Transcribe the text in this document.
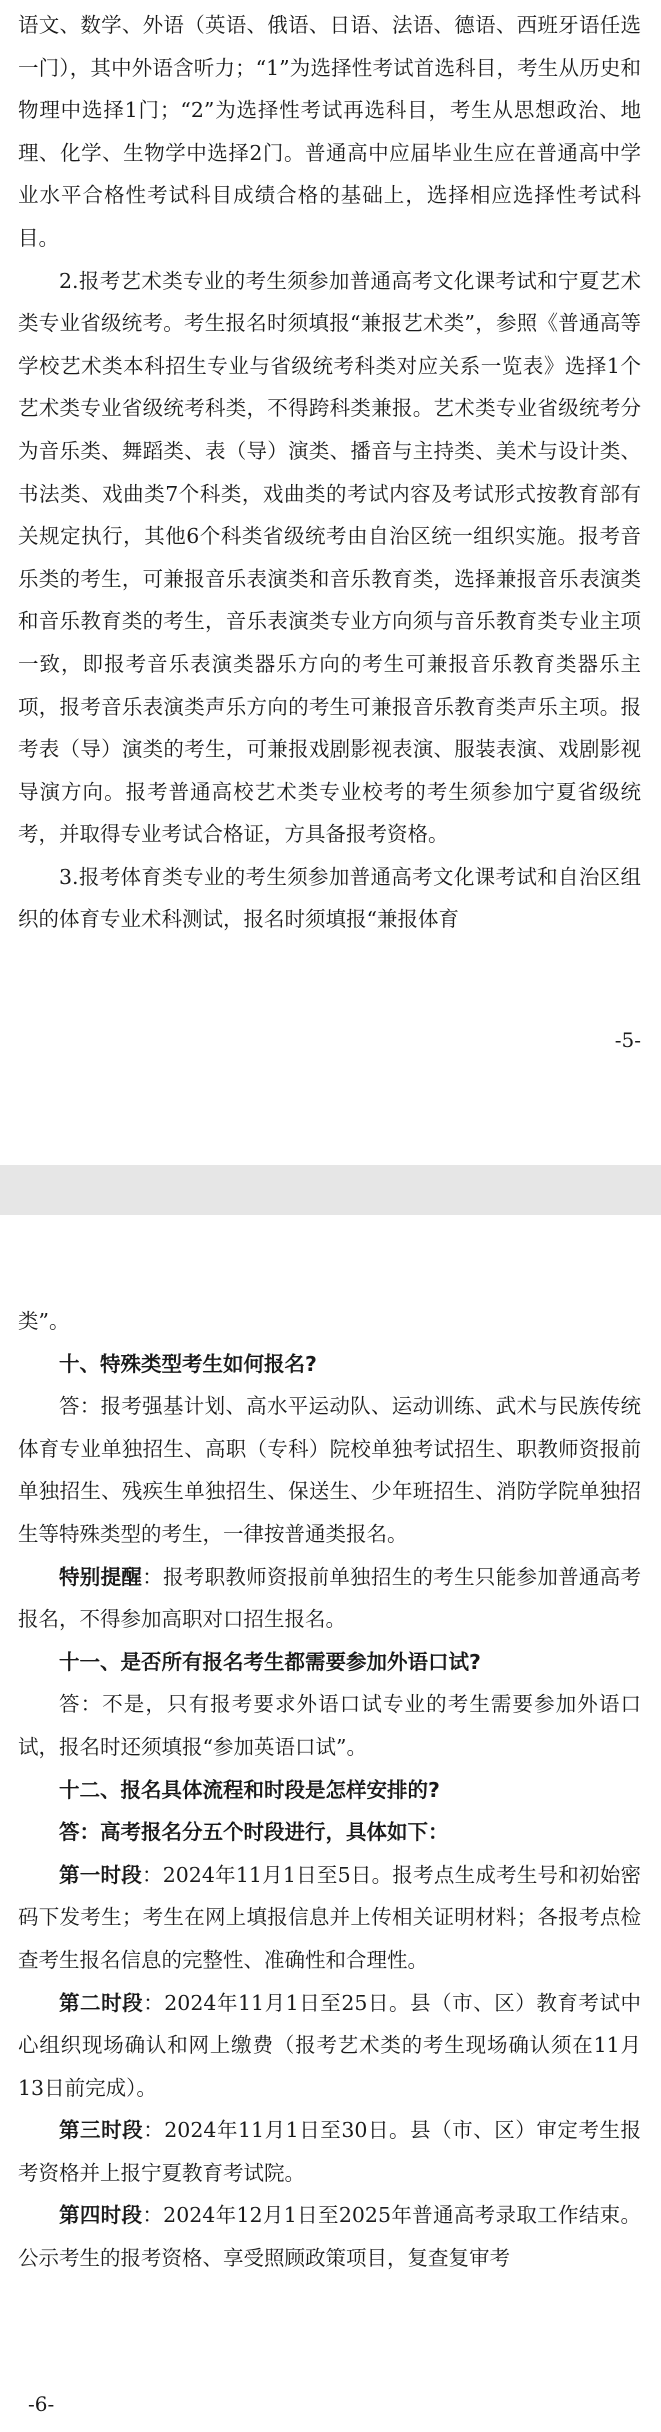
语文、数学、外语（英语、俄语、日语、法语、德语、西班牙语任选一门），其中外语含听力；“1”为选择性考试首选科目，考生从历史和物理中选择1门；“2”为选择性考试再选科目，考生从思想政治、地理、化学、生物学中选择2门。普通高中应届毕业生应在普通高中学业水平合格性考试科目成绩合格的基础上，选择相应选择性考试科目。

2.报考艺术类专业的考生须参加普通高考文化课考试和宁夏艺术类专业省级统考。考生报名时须填报“兼报艺术类”，参照《普通高等学校艺术类本科招生专业与省级统考科类对应关系一览表》选择1个艺术类专业省级统考科类，不得跨科类兼报。艺术类专业省级统考分为音乐类、舞蹈类、表（导）演类、播音与主持类、美术与设计类、书法类、戏曲类7个科类，戏曲类的考试内容及考试形式按教育部有关规定执行，其他6个科类省级统考由自治区统一组织实施。报考音乐类的考生，可兼报音乐表演类和音乐教育类，选择兼报音乐表演类和音乐教育类的考生，音乐表演类专业方向须与音乐教育类专业主项一致，即报考音乐表演类器乐方向的考生可兼报音乐教育类器乐主项，报考音乐表演类声乐方向的考生可兼报音乐教育类声乐主项。报考表（导）演类的考生，可兼报戏剧影视表演、服装表演、戏剧影视导演方向。报考普通高校艺术类专业校考的考生须参加宁夏省级统考，并取得专业考试合格证，方具备报考资格。

3.报考体育类专业的考生须参加普通高考文化课考试和自治区组织的体育专业术科测试，报名时须填报“兼报体育

-5-

类”。

十、特殊类型考生如何报名?

答：报考强基计划、高水平运动队、运动训练、武术与民族传统体育专业单独招生、高职（专科）院校单独考试招生、职教师资报前单独招生、残疾生单独招生、保送生、少年班招生、消防学院单独招生等特殊类型的考生，一律按普通类报名。

特别提醒：报考职教师资报前单独招生的考生只能参加普通高考报名，不得参加高职对口招生报名。

十一、是否所有报名考生都需要参加外语口试?

答：不是，只有报考要求外语口试专业的考生需要参加外语口试，报名时还须填报“参加英语口试”。

十二、报名具体流程和时段是怎样安排的?

答：高考报名分五个时段进行，具体如下：

第一时段：2024年11月1日至5日。报考点生成考生号和初始密码下发考生；考生在网上填报信息并上传相关证明材料；各报考点检查考生报名信息的完整性、准确性和合理性。

第二时段：2024年11月1日至25日。县（市、区）教育考试中心组织现场确认和网上缴费（报考艺术类的考生现场确认须在11月13日前完成）。

第三时段：2024年11月1日至30日。县（市、区）审定考生报考资格并上报宁夏教育考试院。

第四时段：2024年12月1日至2025年普通高考录取工作结束。公示考生的报考资格、享受照顾政策项目，复查复审考

-6-
